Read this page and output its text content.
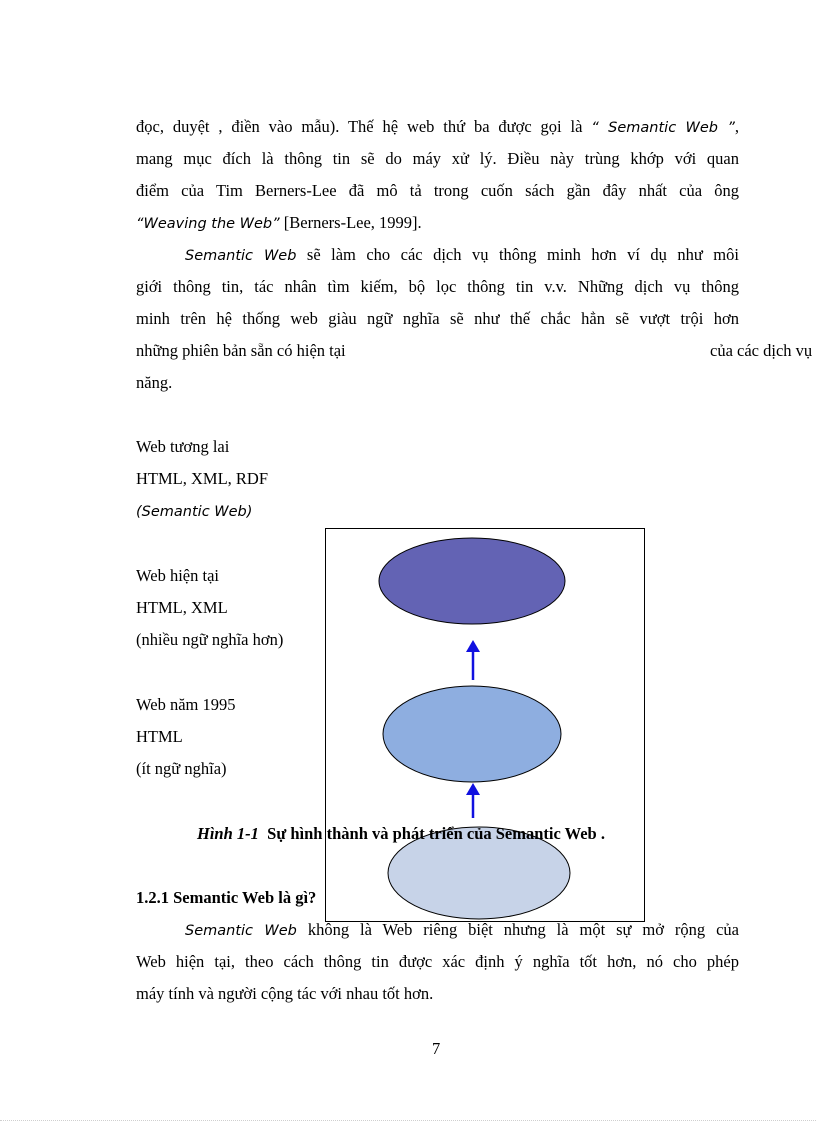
đọc, duyệt , điền vào mẫu). Thế hệ web thứ ba được gọi là “ Semantic Web ”,
mang mục đích là thông tin sẽ do máy xử lý. Điều này trùng khớp với quan
điểm của Tim Berners-Lee đã mô tả trong cuốn sách gần đây nhất của ông
“Weaving the Web” [Berners-Lee, 1999].
Semantic Web sẽ làm cho các dịch vụ thông minh hơn ví dụ như môi
giới thông tin, tác nhân tìm kiếm, bộ lọc thông tin v.v. Những dịch vụ thông
minh trên hệ thống web giàu ngữ nghĩa sẽ như thế chắc hẳn sẽ vượt trội hơn
những phiên bản sẵn có hiện tại	của các dịch vụ
năng.
Web tương lai
HTML, XML, RDF
(Semantic Web)
Web hiện tại
HTML, XML
(nhiều ngữ nghĩa hơn)
Web năm 1995
HTML
(ít ngữ nghĩa)
Hình 1-1 Sự hình thành và phát triển của Semantic Web .
1.2.1 Semantic Web là gì?
Semantic Web không là Web riêng biệt nhưng là một sự mở rộng của
Web hiện tại, theo cách thông tin được xác định ý nghĩa tốt hơn, nó cho phép
máy tính và người cộng tác với nhau tốt hơn.
7
